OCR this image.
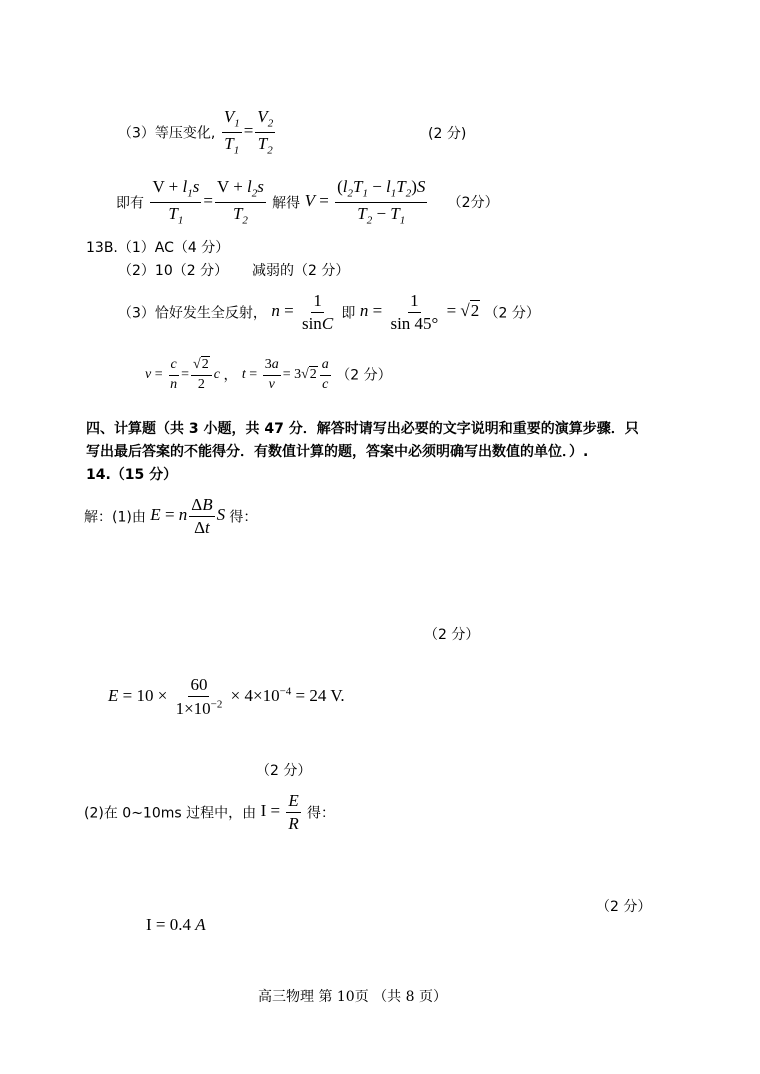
（3）等压变化, $\frac{V_1}{T_1} = \frac{V_2}{T_2}$	(2 分)
即有 $\frac{V + l_1s}{T_1} = \frac{V + l_2s}{T_2}$ 解得 $V = \frac{(l_2T_1 - l_1T_2)S}{T_2 - T_1} (2$分）
13B.（1）AC（4 分）
（2）10（2 分） 减弱的（2 分）
（3）恰好发生全反射， $n = \frac{1}{\sin C}$ 即 $n = \frac{1}{\sin 45^\circ} = √2$ （2 分）
$v = \frac{c}{n} = \frac{√2}{2}$ c ， $t = \frac{3a}{v} = 3√2 \frac{a}{c} (2$ 分）
四、计算题（共 3 小题，共 47 分．解答时请写出必要的文字说明和重要的演算步骤．只
写出最后答案的不能得分．有数值计算的题，答案中必须明确写出数值的单位．）.
14.（15 分）
解：(1)由 E = n $\frac{\Delta B}{\Delta t}$ S 得：
（2 分）
$E = 10 \times \frac{60}{1\times 10^{-2}} \times 4\times 10^{-4} = 24$ V.
（2 分）
(2)在 0~10ms 过程中，由 $I = \frac{E}{R}$ 得：
（2 分）
I = 0.4 A
高三物理 第 10页 （共 8 页）
